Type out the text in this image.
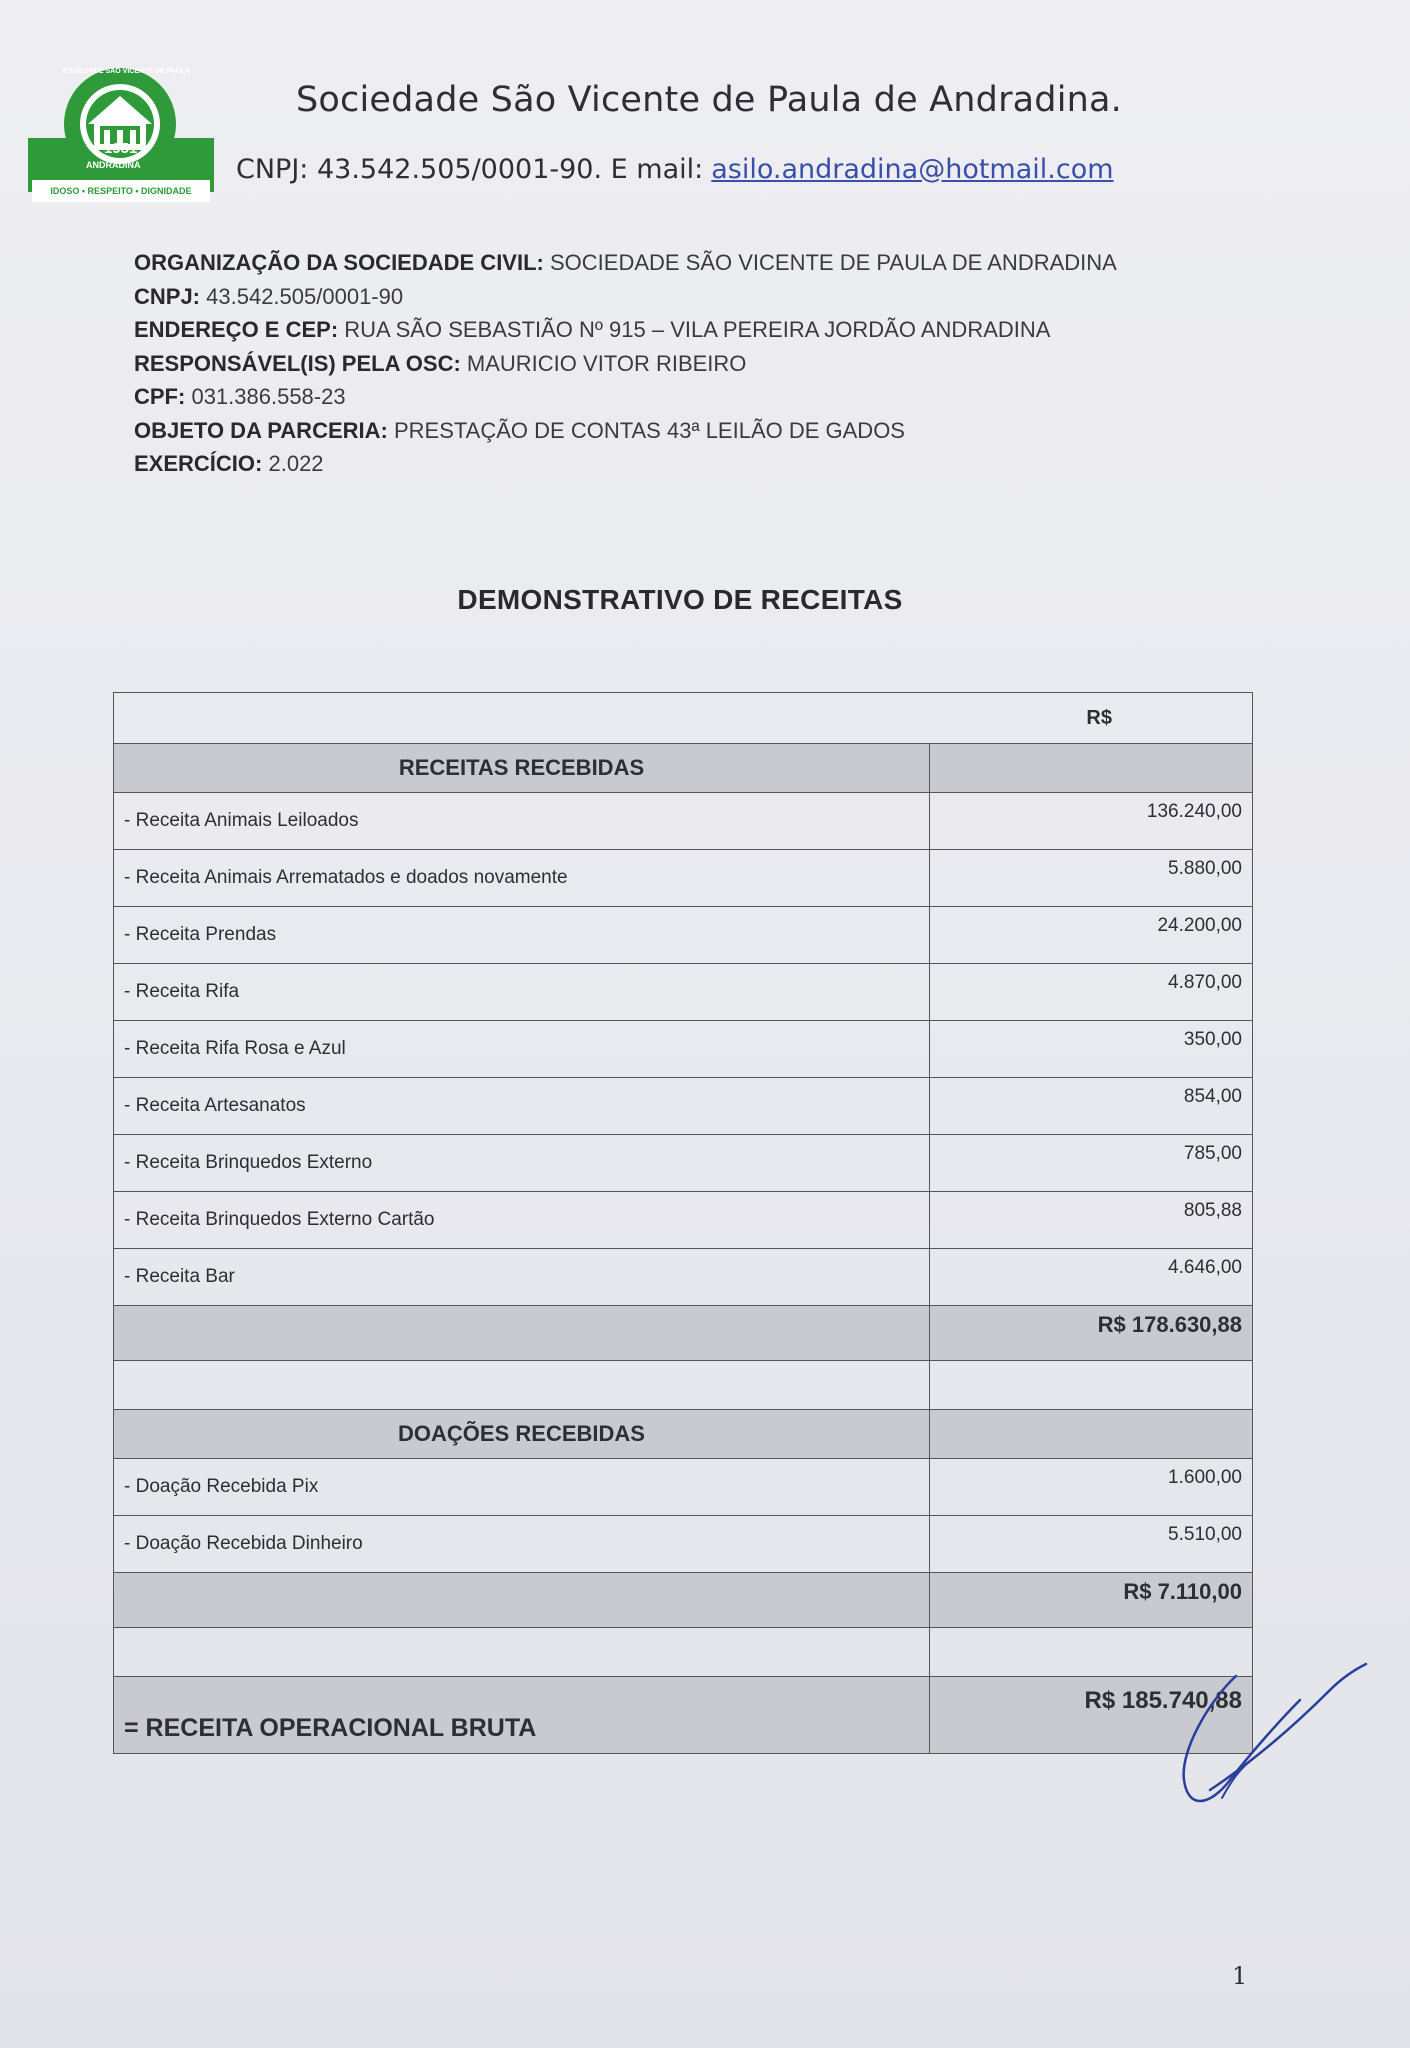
1951
ANDRADINA
IDOSO • RESPEITO • DIGNIDADE
SOCIEDADE SÃO VICENTE DE PAULA
Sociedade São Vicente de Paula de Andradina.
CNPJ: 43.542.505/0001-90. E mail: asilo.andradina@hotmail.com
ORGANIZAÇÃO DA SOCIEDADE CIVIL: SOCIEDADE SÃO VICENTE DE PAULA DE ANDRADINA
CNPJ: 43.542.505/0001-90
ENDEREÇO E CEP: RUA SÃO SEBASTIÃO Nº 915 – VILA PEREIRA JORDÃO ANDRADINA
RESPONSÁVEL(IS) PELA OSC: MAURICIO VITOR RIBEIRO
CPF: 031.386.558-23
OBJETO DA PARCERIA: PRESTAÇÃO DE CONTAS 43ª LEILÃO DE GADOS
EXERCÍCIO: 2.022
DEMONSTRATIVO DE RECEITAS
R$	
RECEITAS RECEBIDAS	
- Receita Animais Leiloados	136.240,00
- Receita Animais Arrematados e doados novamente	5.880,00
- Receita Prendas	24.200,00
- Receita Rifa	4.870,00
- Receita Rifa Rosa e Azul	350,00
- Receita Artesanatos	854,00
- Receita Brinquedos Externo	785,00
- Receita Brinquedos Externo Cartão	805,88
- Receita Bar	4.646,00
	R$ 178.630,88

DOAÇÕES RECEBIDAS	
- Doação Recebida Pix	1.600,00
- Doação Recebida Dinheiro	5.510,00
	R$ 7.110,00

= RECEITA OPERACIONAL BRUTA	R$ 185.740,88
1
